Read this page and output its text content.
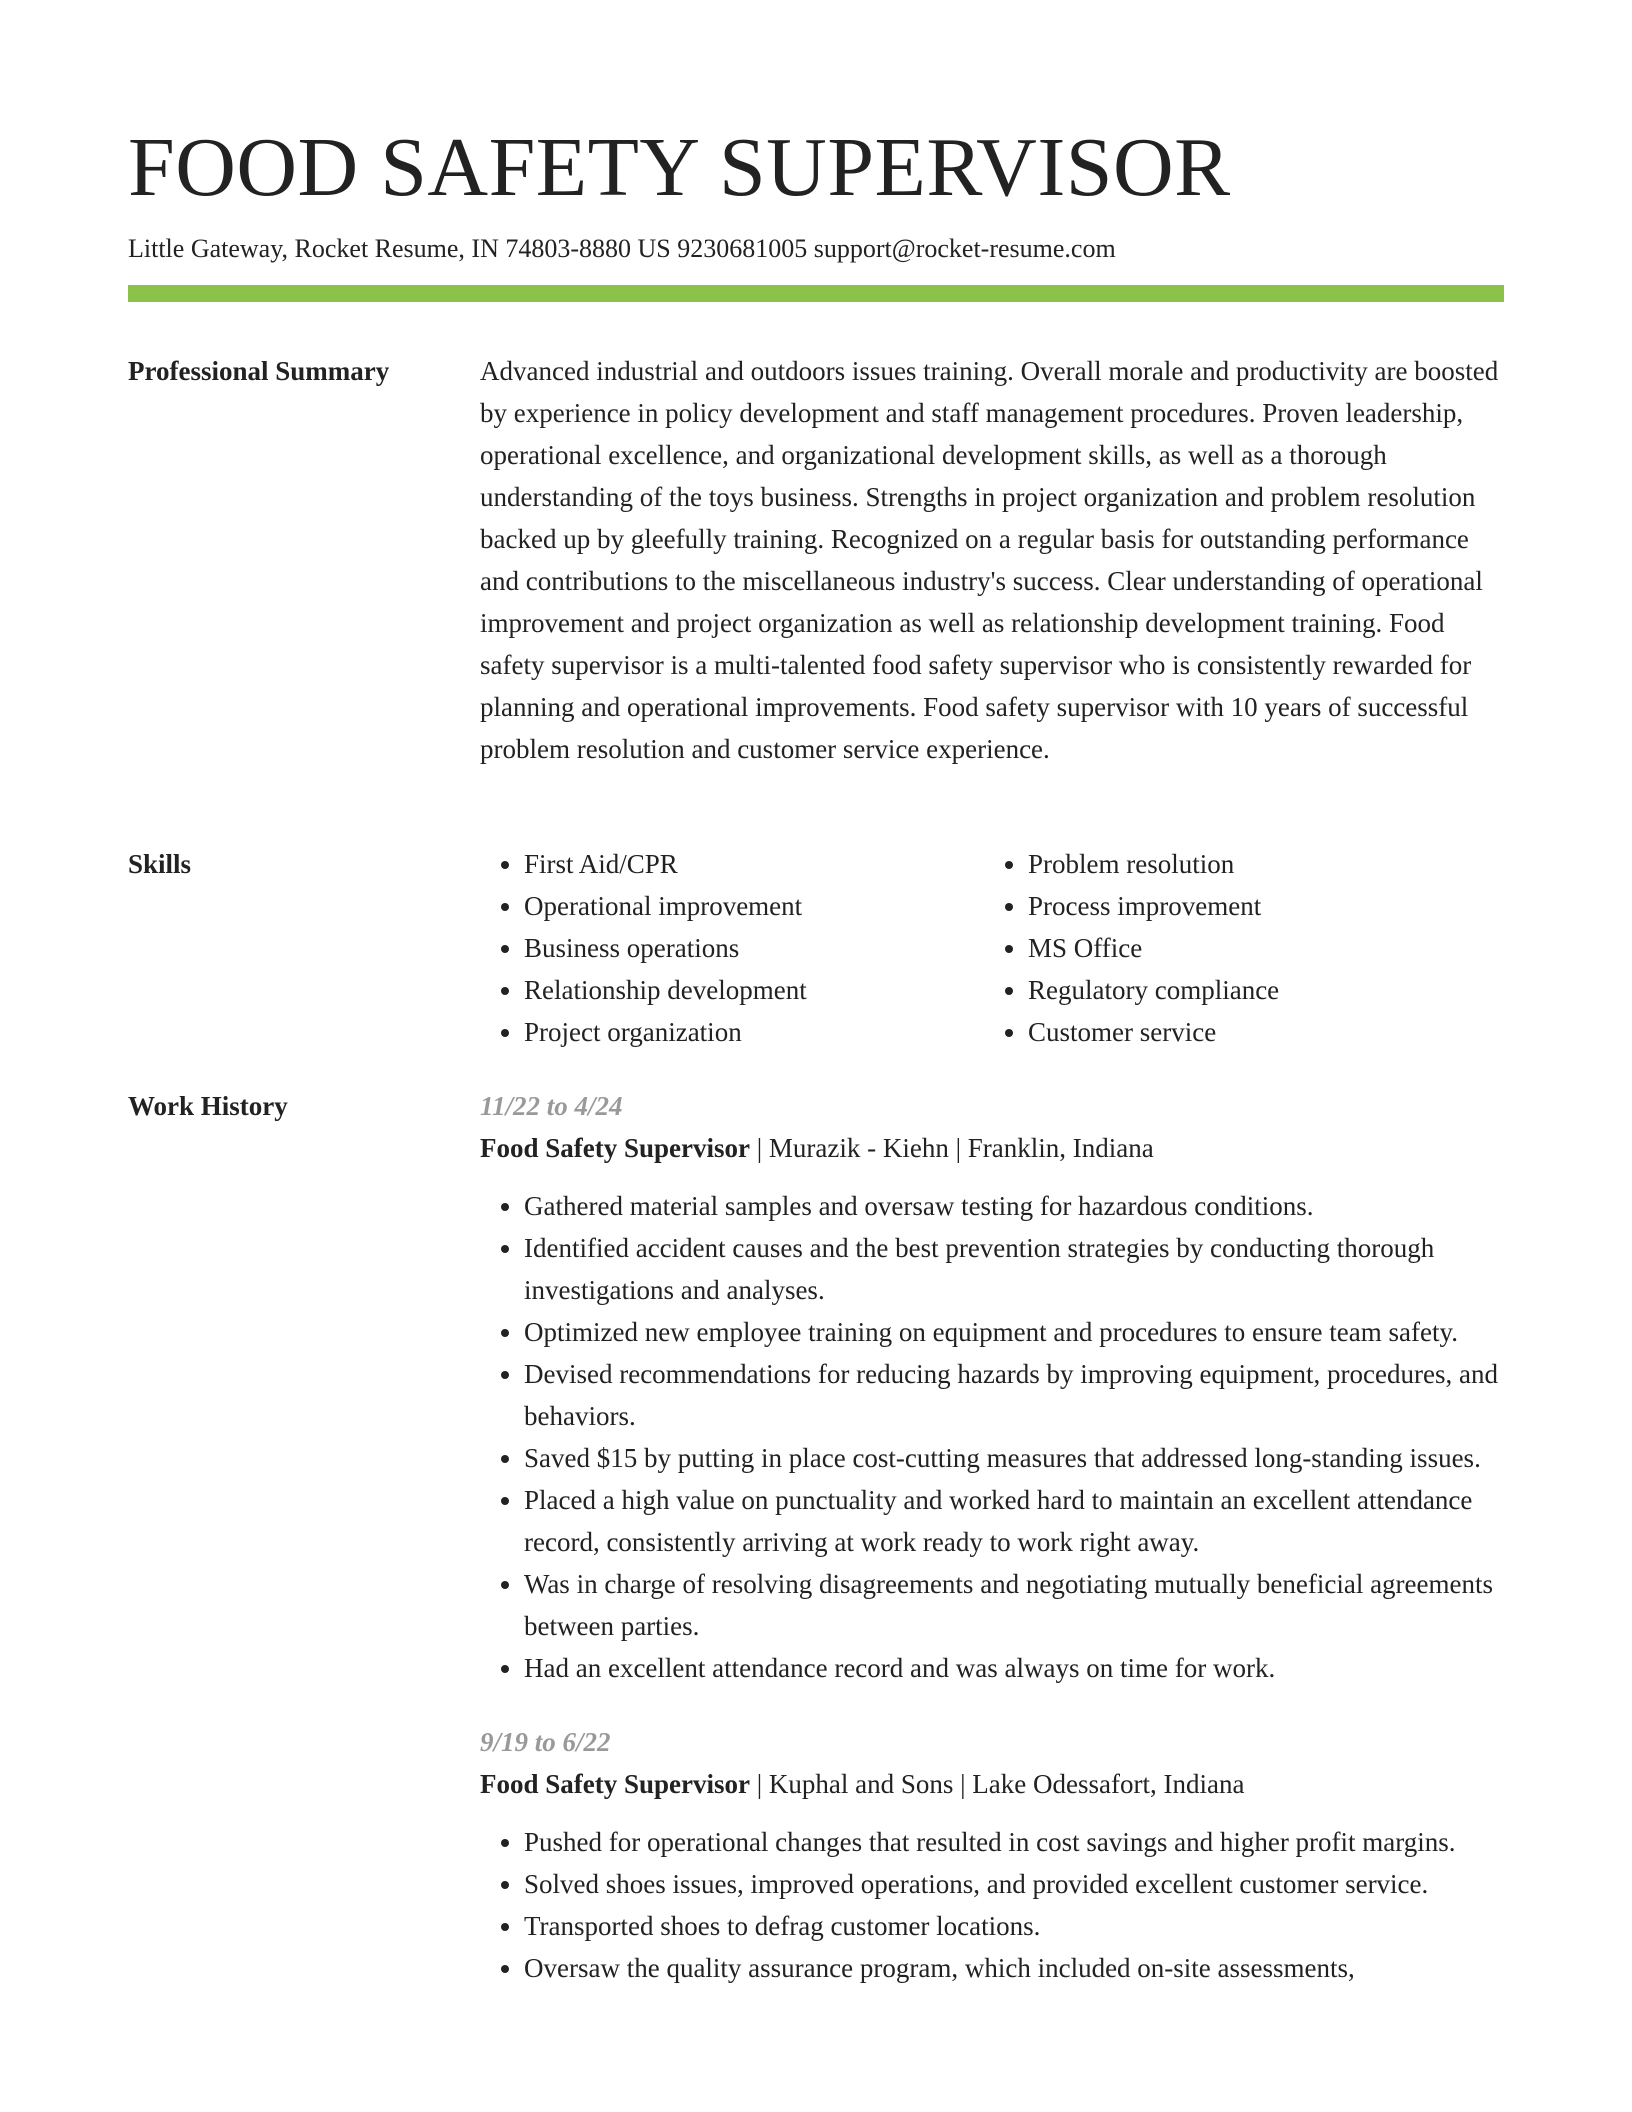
FOOD SAFETY SUPERVISOR
Little Gateway, Rocket Resume, IN 74803-8880 US 9230681005 support@rocket-resume.com
Professional Summary	Advanced industrial and outdoors issues training. Overall morale and productivity are boosted by experience in policy development and staff management procedures. Proven leadership, operational excellence, and organizational development skills, as well as a thorough understanding of the toys business. Strengths in project organization and problem resolution backed up by gleefully training. Recognized on a regular basis for outstanding performance and contributions to the miscellaneous industry's success. Clear understanding of operational improvement and project organization as well as relationship development training. Food safety supervisor is a multi-talented food safety supervisor who is consistently rewarded for planning and operational improvements. Food safety supervisor with 10 years of successful problem resolution and customer service experience.

Skills
•	First Aid/CPR
• Operational improvement
• Business operations
• Relationship development
• Project organization
• Problem resolution
• Process improvement
• MS Office
• Regulatory compliance
• Customer service
Work History	11/22 to 4/24

Food Safety Supervisor | Murazik - Kiehn | Franklin, Indiana

• Gathered material samples and oversaw testing for hazardous conditions.
• Identified accident causes and the best prevention strategies by conducting thorough investigations and analyses.
• Optimized new employee training on equipment and procedures to ensure team safety.
• Devised recommendations for reducing hazards by improving equipment, procedures, and behaviors.
• Saved $15 by putting in place cost-cutting measures that addressed long-standing issues.
• Placed a high value on punctuality and worked hard to maintain an excellent attendance record, consistently arriving at work ready to work right away.
• Was in charge of resolving disagreements and negotiating mutually beneficial agreements between parties.
• Had an excellent attendance record and was always on time for work.

9/19 to 6/22

Food Safety Supervisor | Kuphal and Sons | Lake Odessafort, Indiana

• Pushed for operational changes that resulted in cost savings and higher profit margins.
• Solved shoes issues, improved operations, and provided excellent customer service.
• Transported shoes to defrag customer locations.
• Oversaw the quality assurance program, which included on-site assessments,
